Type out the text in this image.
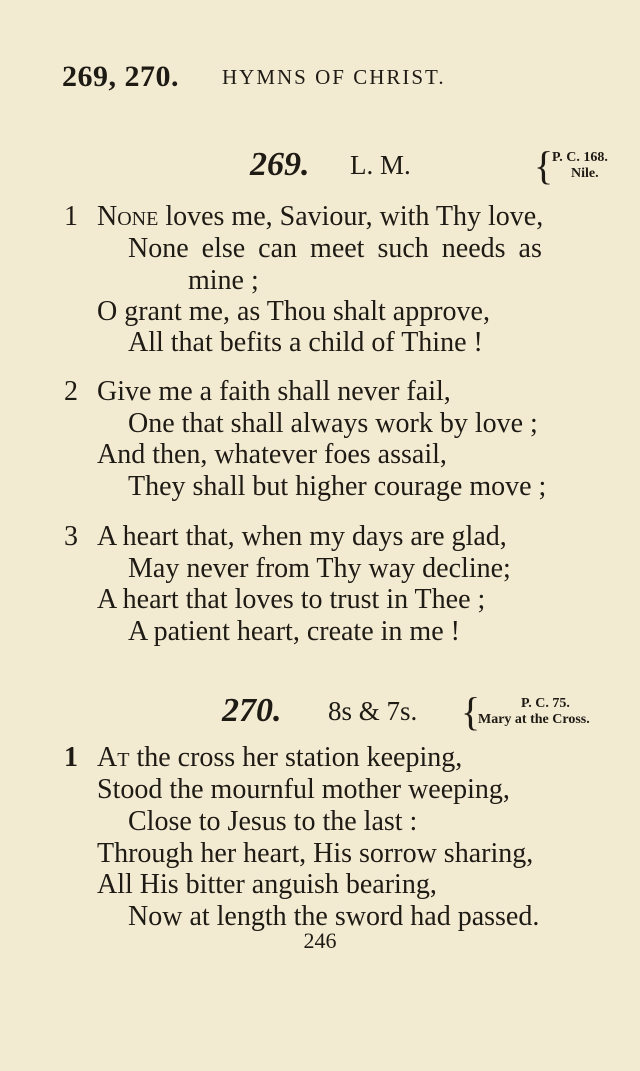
269, 270. HYMNS OF CHRIST.
269. L. M.	{
P. C. 168.
Nile.
1 None loves me, Saviour, with Thy love,
None else can meet such needs as
mine ;
O grant me, as Thou shalt approve,
All that befits a child of Thine !
2 Give me a faith shall never fail,
One that shall always work by love ;
And then, whatever foes assail,
They shall but higher courage move ;
3 A heart that, when my days are glad,
May never from Thy way decline;
A heart that loves to trust in Thee ;
A patient heart, create in me !
270. 8s & 7s. {	P. C. 75.
Mary at the Cross.
1 At the cross her station keeping,
Stood the mournful mother weeping,
Close to Jesus to the last :
Through her heart, His sorrow sharing,
All His bitter anguish bearing,
Now at length the sword had passed.
246
